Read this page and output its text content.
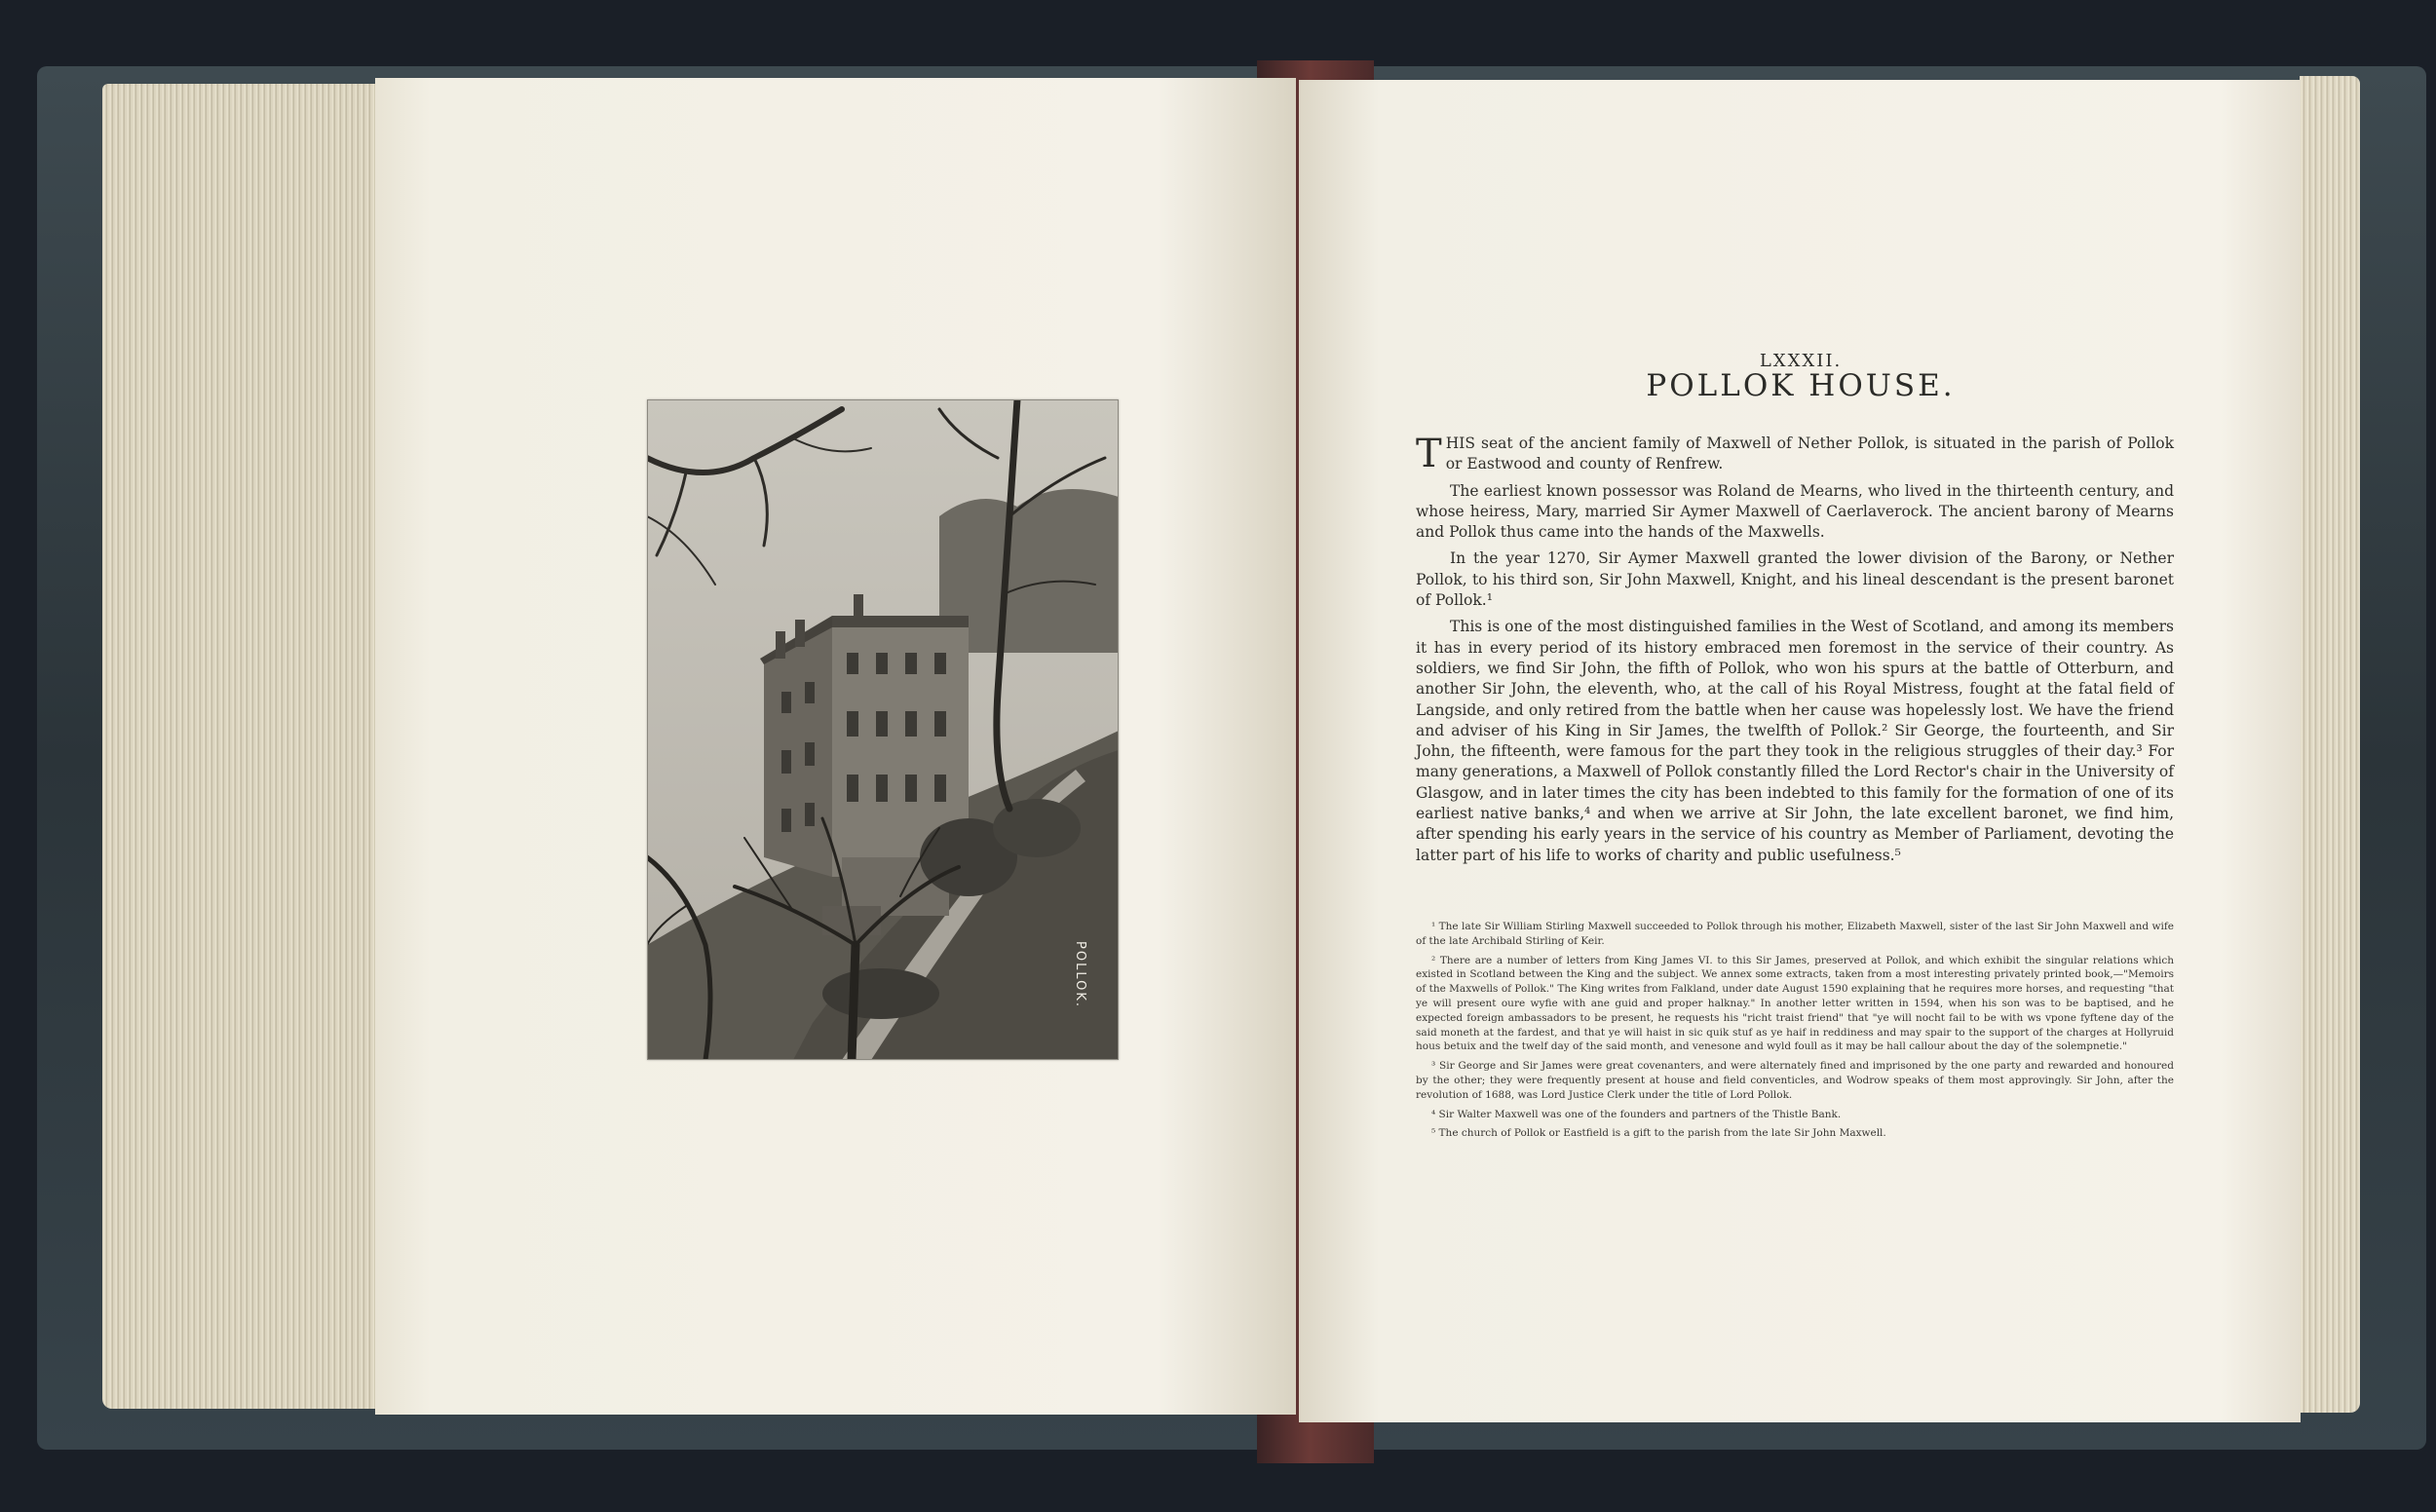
POLLOK.
LXXXII.
POLLOK HOUSE.

THIS seat of the ancient family of Maxwell of Nether Pollok, is situated in the parish of Pollok or Eastwood and county of Renfrew.

The earliest known possessor was Roland de Mearns, who lived in the thirteenth century, and whose heiress, Mary, married Sir Aymer Maxwell of Caerlaverock. The ancient barony of Mearns and Pollok thus came into the hands of the Maxwells.

In the year 1270, Sir Aymer Maxwell granted the lower division of the Barony, or Nether Pollok, to his third son, Sir John Maxwell, Knight, and his lineal descendant is the present baronet of Pollok.¹

This is one of the most distinguished families in the West of Scotland, and among its members it has in every period of its history embraced men foremost in the service of their country. As soldiers, we find Sir John, the fifth of Pollok, who won his spurs at the battle of Otterburn, and another Sir John, the eleventh, who, at the call of his Royal Mistress, fought at the fatal field of Langside, and only retired from the battle when her cause was hopelessly lost. We have the friend and adviser of his King in Sir James, the twelfth of Pollok.² Sir George, the fourteenth, and Sir John, the fifteenth, were famous for the part they took in the religious struggles of their day.³ For many generations, a Maxwell of Pollok constantly filled the Lord Rector's chair in the University of Glasgow, and in later times the city has been indebted to this family for the formation of one of its earliest native banks,⁴ and when we arrive at Sir John, the late excellent baronet, we find him, after spending his early years in the service of his country as Member of Parliament, devoting the latter part of his life to works of charity and public usefulness.⁵

¹ The late Sir William Stirling Maxwell succeeded to Pollok through his mother, Elizabeth Maxwell, sister of the last Sir John Maxwell and wife of the late Archibald Stirling of Keir.

² There are a number of letters from King James VI. to this Sir James, preserved at Pollok, and which exhibit the singular relations which existed in Scotland between the King and the subject. We annex some extracts, taken from a most interesting privately printed book,—"Memoirs of the Maxwells of Pollok." The King writes from Falkland, under date August 1590 explaining that he requires more horses, and requesting "that ye will present oure wyfie with ane guid and proper halknay." In another letter written in 1594, when his son was to be baptised, and he expected foreign ambassadors to be present, he requests his "richt traist friend" that "ye will nocht fail to be with ws vpone fyftene day of the said moneth at the fardest, and that ye will haist in sic quik stuf as ye haif in reddiness and may spair to the support of the charges at Hollyruid hous betuix and the twelf day of the said month, and venesone and wyld foull as it may be hall callour about the day of the solempnetie."

³ Sir George and Sir James were great covenanters, and were alternately fined and imprisoned by the one party and rewarded and honoured by the other; they were frequently present at house and field conventicles, and Wodrow speaks of them most approvingly. Sir John, after the revolution of 1688, was Lord Justice Clerk under the title of Lord Pollok.

⁴ Sir Walter Maxwell was one of the founders and partners of the Thistle Bank.

⁵ The church of Pollok or Eastfield is a gift to the parish from the late Sir John Maxwell.
